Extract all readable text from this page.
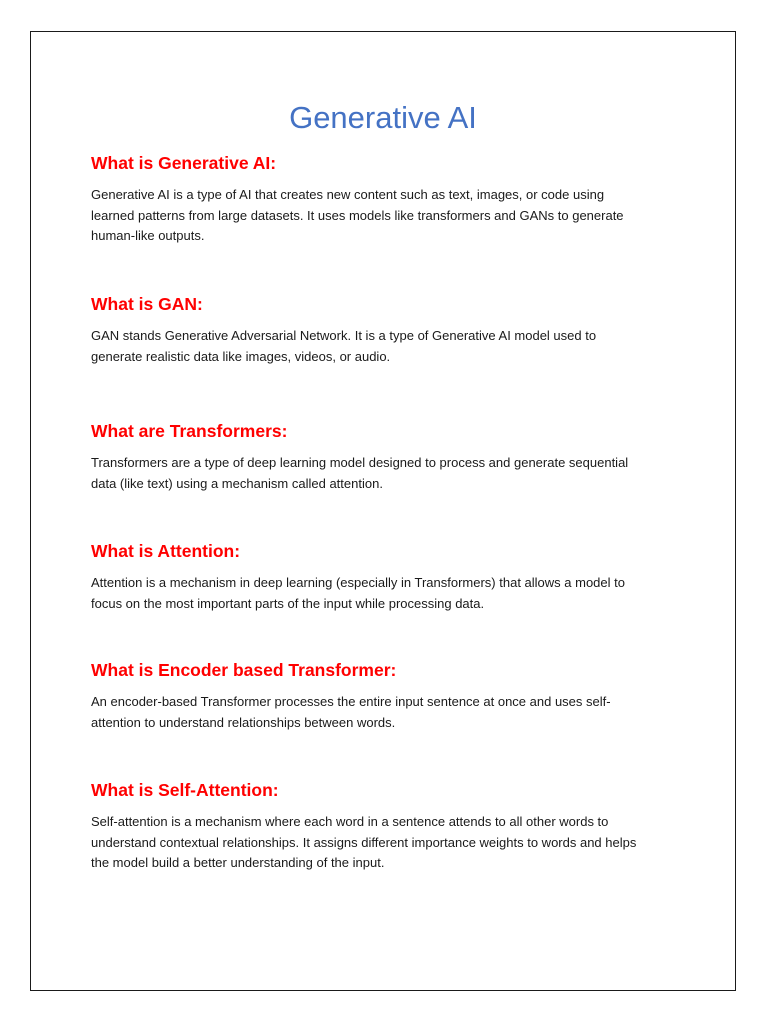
Generative AI
What is Generative AI:
Generative AI is a type of AI that creates new content such as text, images, or code using
learned patterns from large datasets. It uses models like transformers and GANs to generate
human-like outputs.
What is GAN:
GAN stands Generative Adversarial Network. It is a type of Generative AI model used to
generate realistic data like images, videos, or audio.
What are Transformers:
Transformers are a type of deep learning model designed to process and generate sequential
data (like text) using a mechanism called attention.
What is Attention:
Attention is a mechanism in deep learning (especially in Transformers) that allows a model to
focus on the most important parts of the input while processing data.
What is Encoder based Transformer:
An encoder-based Transformer processes the entire input sentence at once and uses self-
attention to understand relationships between words.
What is Self-Attention:
Self-attention is a mechanism where each word in a sentence attends to all other words to
understand contextual relationships. It assigns different importance weights to words and helps
the model build a better understanding of the input.
